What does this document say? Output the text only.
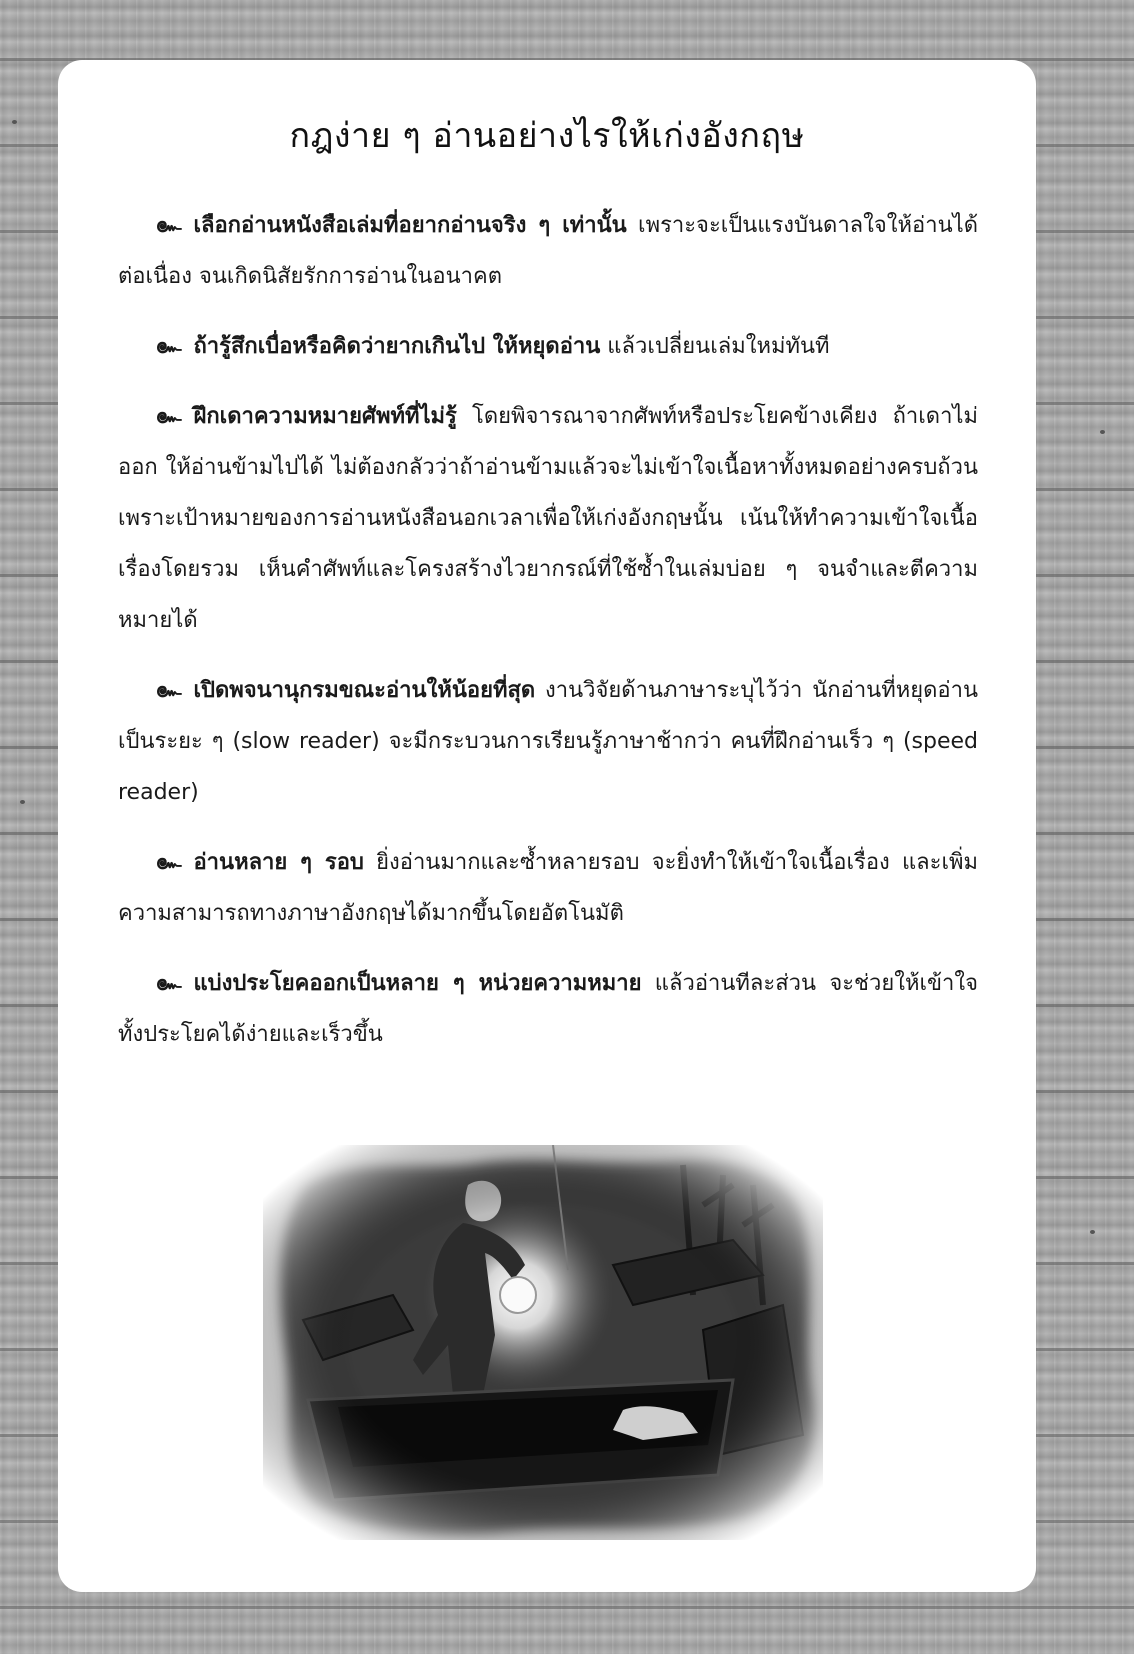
กฎง่าย ๆ อ่านอย่างไรให้เก่งอังกฤษ

๛ เลือกอ่านหนังสือเล่มที่อยากอ่านจริง ๆ เท่านั้น เพราะจะเป็นแรงบันดาลใจให้อ่านได้ต่อเนื่อง จนเกิดนิสัยรักการอ่านในอนาคต

๛ ถ้ารู้สึกเบื่อหรือคิดว่ายากเกินไป ให้หยุดอ่าน แล้วเปลี่ยนเล่มใหม่ทันที

๛ ฝึกเดาความหมายศัพท์ที่ไม่รู้ โดยพิจารณาจากศัพท์หรือประโยคข้างเคียง ถ้าเดาไม่ออก ให้อ่านข้ามไปได้ ไม่ต้องกลัวว่าถ้าอ่านข้ามแล้วจะไม่เข้าใจเนื้อหาทั้งหมดอย่างครบถ้วน เพราะเป้าหมายของการอ่านหนังสือนอกเวลาเพื่อให้เก่งอังกฤษนั้น เน้นให้ทำความเข้าใจเนื้อเรื่องโดยรวม เห็นคำศัพท์และโครงสร้างไวยากรณ์ที่ใช้ซ้ำในเล่มบ่อย ๆ จนจำและตีความหมายได้

๛ เปิดพจนานุกรมขณะอ่านให้น้อยที่สุด งานวิจัยด้านภาษาระบุไว้ว่า นักอ่านที่หยุดอ่านเป็นระยะ ๆ (slow reader) จะมีกระบวนการเรียนรู้ภาษาช้ากว่า คนที่ฝึกอ่านเร็ว ๆ (speed reader)

๛ อ่านหลาย ๆ รอบ ยิ่งอ่านมากและซ้ำหลายรอบ จะยิ่งทำให้เข้าใจเนื้อเรื่อง และเพิ่มความสามารถทางภาษาอังกฤษได้มากขึ้นโดยอัตโนมัติ

๛ แบ่งประโยคออกเป็นหลาย ๆ หน่วยความหมาย แล้วอ่านทีละส่วน จะช่วยให้เข้าใจทั้งประโยคได้ง่ายและเร็วขึ้น
